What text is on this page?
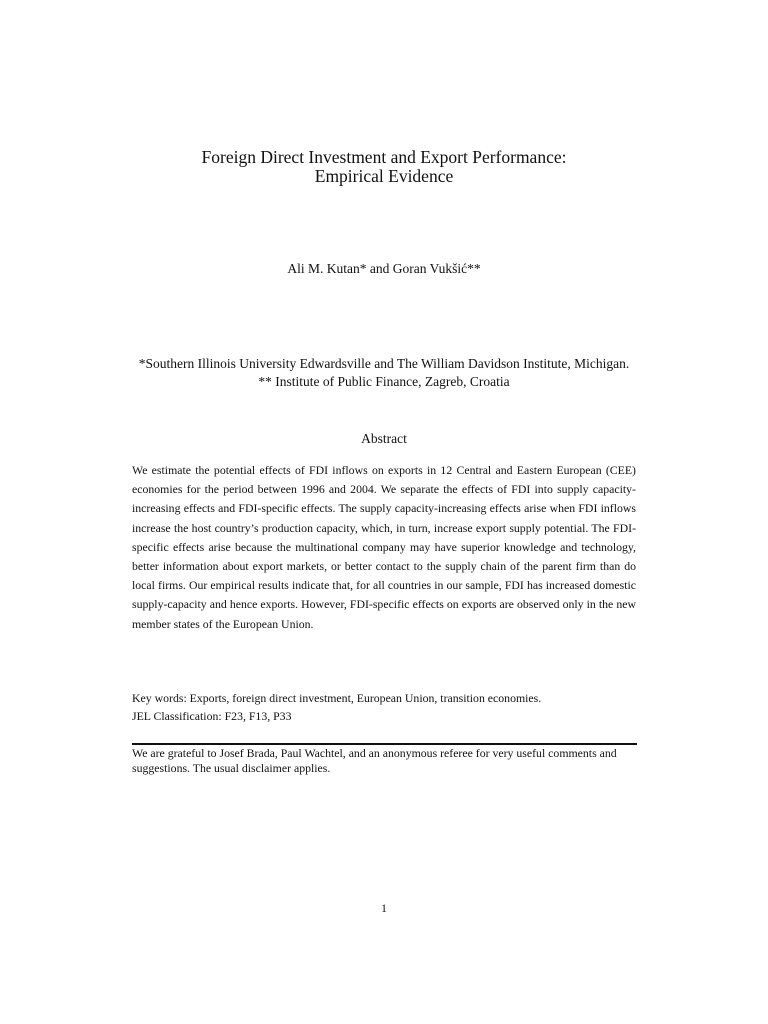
Foreign Direct Investment and Export Performance:
Empirical Evidence
Ali M. Kutan* and Goran Vukšić**
*Southern Illinois University Edwardsville and The William Davidson Institute, Michigan.
** Institute of Public Finance, Zagreb, Croatia
Abstract
We estimate the potential effects of FDI inflows on exports in 12 Central and Eastern European (CEE) economies for the period between 1996 and 2004. We separate the effects of FDI into supply capacity-increasing effects and FDI-specific effects. The supply capacity-increasing effects arise when FDI inflows increase the host country’s production capacity, which, in turn, increase export supply potential. The FDI-specific effects arise because the multinational company may have superior knowledge and technology, better information about export markets, or better contact to the supply chain of the parent firm than do local firms. Our empirical results indicate that, for all countries in our sample, FDI has increased domestic supply-capacity and hence exports. However, FDI-specific effects on exports are observed only in the new member states of the European Union.
Key words: Exports, foreign direct investment, European Union, transition economies.
JEL Classification: F23, F13, P33
We are grateful to Josef Brada, Paul Wachtel, and an anonymous referee for very useful comments and suggestions. The usual disclaimer applies.
1
